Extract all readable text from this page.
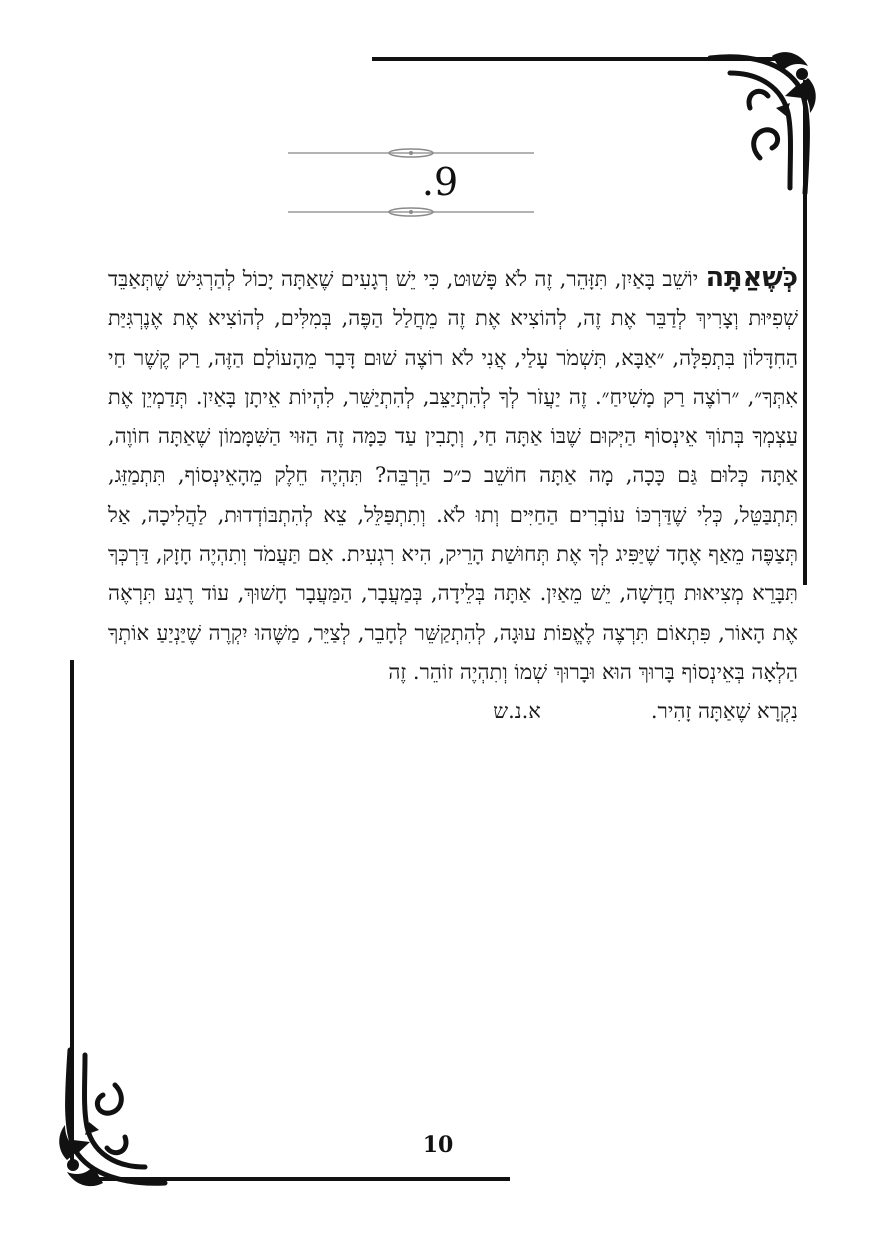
.9
כְּשֶׁאַתָּה יוֹשֵׁב בָּאַיִן, תִּזָּהֵר, זֶה לֹא פָּשׁוּט, כִּי יֵשׁ רְגָעִים שֶׁאַתָּה יָכוֹל לְהַרְגִּישׁ שֶׁתְּאַבֵּד שְׁפִיּוּת וְצָרִיךְ לְדַבֵּר אֶת זֶה, לְהוֹצִיא אֶת זֶה מֵחֲלַל הַפֶּה, בְּמִלִּים, לְהוֹצִיא אֶת אֶנֶרְגִּיַּת הַחִדָּלוֹן בִּתְפִלָּה, ״אַבָּא, תִּשְׁמֹר עָלַי, אֲנִי לֹא רוֹצֶה שׁוּם דָּבָר מֵהָעוֹלָם הַזֶּה, רַק קֶשֶׁר חַי אִתְּךָ״, ״רוֹצֶה רַק מָשִׁיחַ״. זֶה יַעֲזֹר לְךָ לְהִתְיַצֵּב, לְהִתְיַשֵּׁר, לִהְיוֹת אֵיתָן בָּאַיִן. תְּדַמְיֵן אֶת עַצְמְךָ בְּתוֹךְ אֵינְסוֹף הַיְּקוּם שֶׁבּוֹ אַתָּה חַי, וְתָבִין עַד כַּמָּה זֶה הַזּוּי הַשִּׁמָּמוֹן שֶׁאַתָּה חוֹוֶה, אַתָּה כְּלוּם גַּם כָּכָה, מָה אַתָּה חוֹשֵׁב כ״כ הַרְבֵּה? תִּהְיֶה חֵלֶק מֵהָאֵינְסוֹף, תִּתְמַזֵּג, תִּתְבַּטֵּל, כְּלִי שֶׁדַּרְכּוֹ עוֹבְרִים הַחַיִּים וְתוּ לֹא. וְתִתְפַּלֵּל, צֵא לְהִתְבּוֹדְדוּת, לַהֲלִיכָה, אַל תְּצַפֶּה מֵאַף אֶחָד שֶׁיַּפִּיג לְךָ אֶת תְּחוּשַׁת הָרֵיק, הִיא רִגְעִית. אִם תַּעֲמֹד וְתִהְיֶה חָזָק, דַּרְכְּךָ תִּבָּרֵא מְצִיאוּת חֲדָשָׁה, יֵשׁ מֵאַיִן. אַתָּה בְּלֵידָה, בְּמַעֲבָר, הַמַּעֲבָר חָשׁוּךְ, עוֹד רֶגַע תִּרְאֶה אֶת הָאוֹר, פִּתְאוֹם תִּרְצֶה לֶאֱפוֹת עוּגָה, לְהִתְקַשֵּׁר לְחָבֵר, לְצַיֵּר, מַשֶּׁהוּ יִקְרֶה שֶׁיַּנְיַעַ אוֹתְךָ הַלְאָה בְּאֵינְסוֹף בָּרוּךְ הוּא וּבָרוּךְ שְׁמוֹ וְתִהְיֶה זוֹהֵר. זֶה
נִקְרָא שֶׁאַתָּה זָהִיר.א.נ.ש
10
